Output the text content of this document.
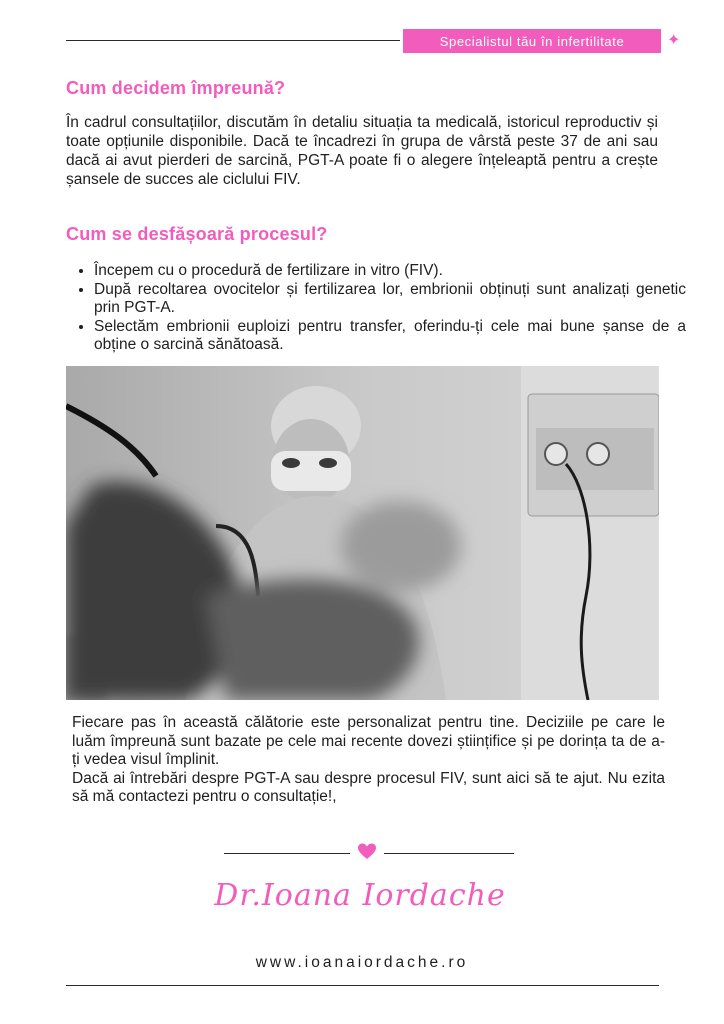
Specialistul tău în infertilitate	✦
Cum decidem împreună?

În cadrul consultațiilor, discutăm în detaliu situația ta medicală, istoricul reproductiv și toate opțiunile disponibile. Dacă te încadrezi în grupa de vârstă peste 37 de ani sau dacă ai avut pierderi de sarcină, PGT-A poate fi o alegere înțeleaptă pentru a crește șansele de succes ale ciclului FIV.

Cum se desfășoară procesul?
• Începem cu o procedură de fertilizare in vitro (FIV).
• După recoltarea ovocitelor și fertilizarea lor, embrionii obținuți sunt analizați genetic prin PGT-A.
• Selectăm embrionii euploizi pentru transfer, oferindu-ți cele mai bune șanse de a obține o sarcină sănătoasă.

Fiecare pas în această călătorie este personalizat pentru tine. Deciziile pe care le luăm împreună sunt bazate pe cele mai recente dovezi științifice și pe dorința ta de a-ți vedea visul împlinit.

Dacă ai întrebări despre PGT-A sau despre procesul FIV, sunt aici să te ajut. Nu ezita să mă contactezi pentru o consultație!,

Dr.Ioana Iordache
www.ioanaiordache.ro
